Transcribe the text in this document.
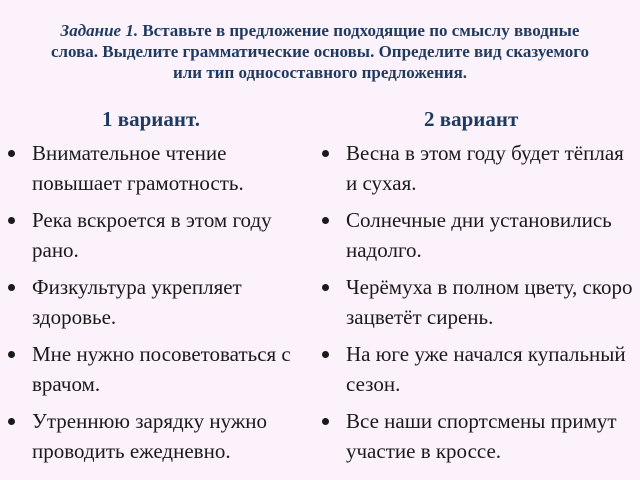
Задание 1. Вставьте в предложение подходящие по смыслу вводные слова. Выделите грамматические основы. Определите вид сказуемого или тип односоставного предложения.
1 вариант.	2 вариант
Внимательное чтение повышает грамотность.
Река вскроется в этом году рано.
Физкультура укрепляет здоровье.
Мне нужно посоветоваться с врачом.
Утреннюю зарядку нужно проводить ежедневно.
Весна в этом году будет тёплая и сухая.
Солнечные дни установились надолго.
Черёмуха в полном цвету, скоро зацветёт сирень.
На юге уже начался купальный сезон.
Все наши спортсмены примут участие в кроссе.
